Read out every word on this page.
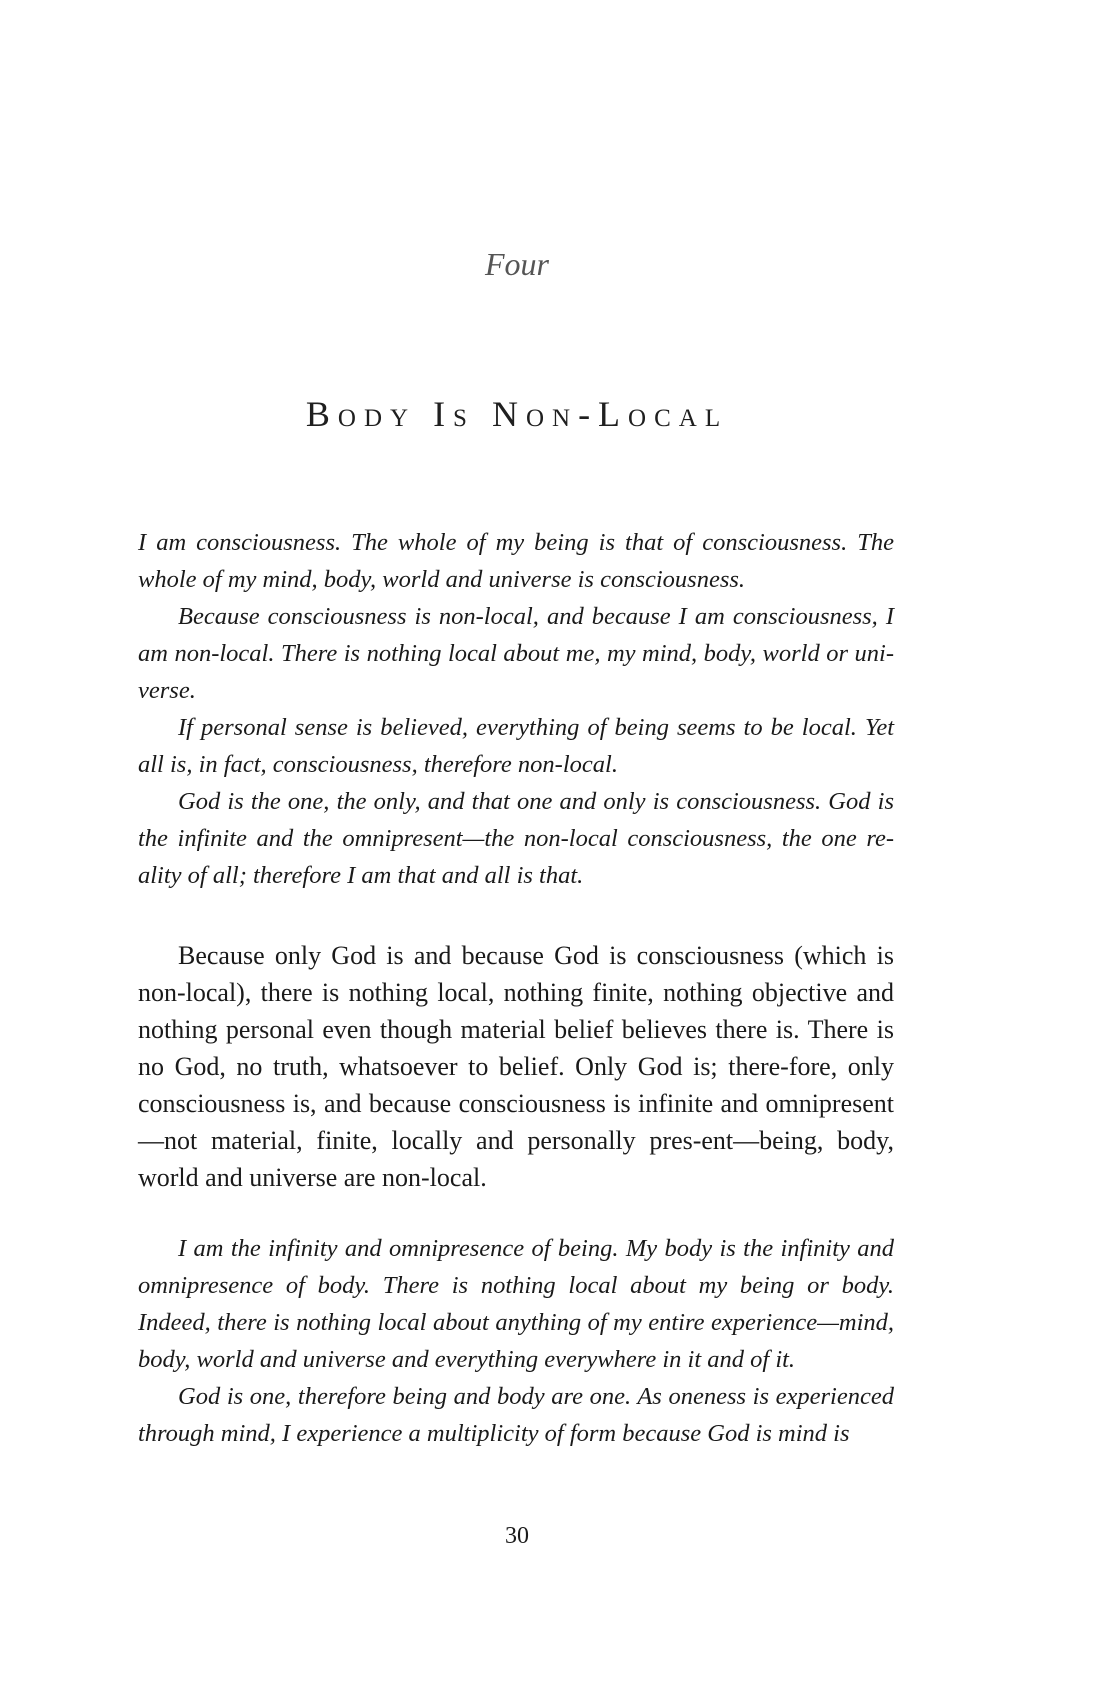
Four

Body Is Non-Local

I am consciousness. The whole of my being is that of consciousness. The whole of my mind, body, world and universe is consciousness.

Because consciousness is non-local, and because I am consciousness, I am non-local. There is nothing local about me, my mind, body, world or uni-verse.

If personal sense is believed, everything of being seems to be local. Yet all is, in fact, consciousness, therefore non-local.

God is the one, the only, and that one and only is consciousness. God is the infinite and the omnipresent—the non-local consciousness, the one re-ality of all; therefore I am that and all is that.

Because only God is and because God is consciousness (which is non-local), there is nothing local, nothing finite, nothing objective and nothing personal even though material belief believes there is. There is no God, no truth, whatsoever to belief. Only God is; there-fore, only consciousness is, and because consciousness is infinite and omnipresent—not material, finite, locally and personally pres-ent—being, body, world and universe are non-local.

I am the infinity and omnipresence of being. My body is the infinity and omnipresence of body. There is nothing local about my being or body. Indeed, there is nothing local about anything of my entire experience—mind, body, world and universe and everything everywhere in it and of it.

God is one, therefore being and body are one. As oneness is experienced through mind, I experience a multiplicity of form because God is mind is

30
